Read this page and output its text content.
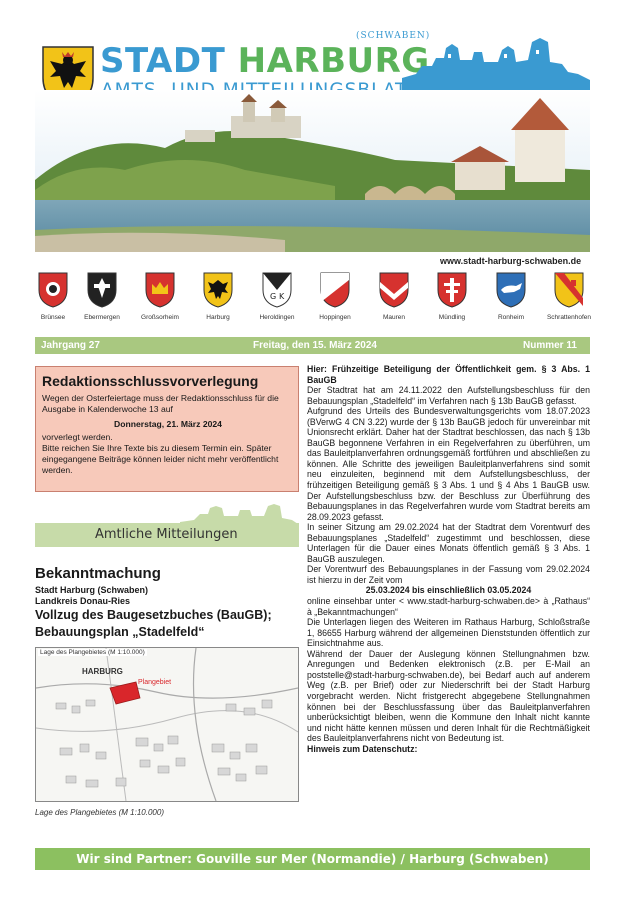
STADT HARBURG
(SCHWABEN)
www.stadt-harburg-schwaben.de
Brünsee	Ebermergen	Großsorheim	Harburg
G K
Heroldingen	Hoppingen	Mauren	Mündling	Ronheim	Schrattenhofen
Jahrgang 27	Freitag, den 15. März 2024	Nummer 11
Redaktionsschlussvorverlegung
Wegen der Osterfeiertage muss der Redaktionsschluss für die Ausgabe in Kalenderwoche 13 auf
Donnerstag, 21. März 2024
vorverlegt werden.
Bitte reichen Sie Ihre Texte bis zu diesem Termin ein. Später eingegangene Beiträge können leider nicht mehr veröffentlicht werden.
Amtliche Mitteilungen
Bekanntmachung
Stadt Harburg (Schwaben)
Landkreis Donau-Ries
Vollzug des Baugesetzbuches (BauGB);
Bebauungsplan „Stadelfeld“
Lage des Plangebietes (M 1:10.000)
HARBURG
Plangebiet
Lage des Plangebietes (M 1:10.000)

Hier: Frühzeitige Beteiligung der Öffentlichkeit gem. § 3 Abs. 1 BauGB

Der Stadtrat hat am 24.11.2022 den Aufstellungsbeschluss für den Bebauungsplan „Stadelfeld“ im Verfahren nach § 13b BauGB gefasst.

Aufgrund des Urteils des Bundesverwaltungsgerichts vom 18.07.2023 (BVerwG 4 CN 3.22) wurde der § 13b BauGB jedoch für unvereinbar mit Unionsrecht erklärt. Daher hat der Stadtrat beschlossen, das nach § 13b BauGB begonnene Verfahren in ein Regelverfahren zu überführen, um das Bauleitplanverfahren ordnungsgemäß fortführen und abschließen zu können. Alle Schritte des jeweiligen Bauleitplanverfahrens sind somit neu einzuleiten, beginnend mit dem Aufstellungsbeschluss, der frühzeitigen Beteiligung gemäß § 3 Abs. 1 und § 4 Abs 1 BauGB usw. Der Aufstellungsbeschluss bzw. der Beschluss zur Überführung des Bebauungsplanes in das Regelverfahren wurde vom Stadtrat bereits am 28.09.2023 gefasst.

In seiner Sitzung am 29.02.2024 hat der Stadtrat dem Vorentwurf des Bebauungsplanes „Stadelfeld“ zugestimmt und beschlossen, diese Unterlagen für die Dauer eines Monats öffentlich gemäß § 3 Abs. 1 BauGB auszulegen.

Der Vorentwurf des Bebauungsplanes in der Fassung vom 29.02.2024 ist hierzu in der Zeit vom

25.03.2024 bis einschließlich 03.05.2024

online einsehbar unter < www.stadt-harburg-schwaben.de> à „Rathaus“ à „Bekanntmachungen“

Die Unterlagen liegen des Weiteren im Rathaus Harburg, Schloßstraße 1, 86655 Harburg während der allgemeinen Dienststunden öffentlich zur Einsichtnahme aus.

Während der Dauer der Auslegung können Stellungnahmen bzw. Anregungen und Bedenken elektronisch (z.B. per E-Mail an poststelle@stadt-harburg-schwaben.de), bei Bedarf auch auf anderem Weg (z.B. per Brief) oder zur Niederschrift bei der Stadt Harburg vorgebracht werden. Nicht fristgerecht abgegebene Stellungnahmen können bei der Beschlussfassung über das Bauleitplanverfahren unberücksichtigt bleiben, wenn die Kommune den Inhalt nicht kannte und nicht hätte kennen müssen und deren Inhalt für die Rechtmäßigkeit des Bauleitplanverfahrens nicht von Bedeutung ist.

Hinweis zum Datenschutz:

Wir sind Partner: Gouville sur Mer (Normandie) / Harburg (Schwaben)
